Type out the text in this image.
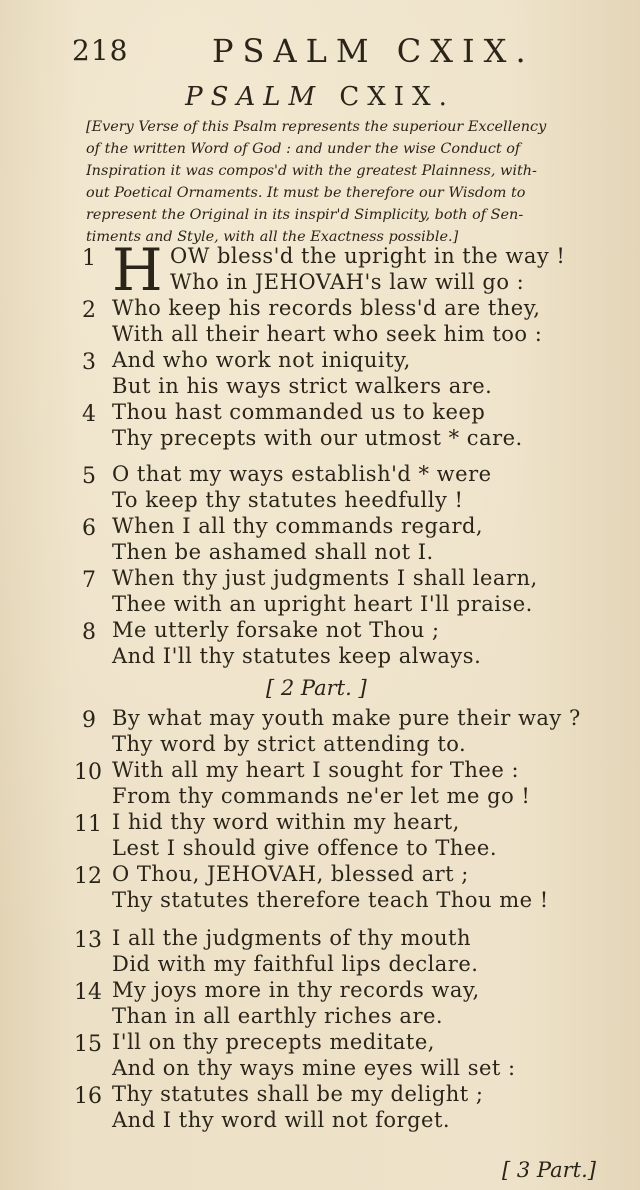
218	PSALM CXIX.
PSALM CXIX.
[Every Verse of this Psalm represents the superiour Excellency
of the written Word of God : and under the wise Conduct of
Inspiration it was compos'd with the greatest Plainness, with-
out Poetical Ornaments. It must be therefore our Wisdom to
represent the Original in its inspir'd Simplicity, both of Sen-
timents and Style, with all the Exactness possible.]
1 H OW bless'd the upright in the way !
Who in JEHOVAH's law will go :
2 Who keep his records bless'd are they,
With all their heart who seek him too :
3 And who work not iniquity,
But in his ways strict walkers are.
4 Thou hast commanded us to keep
Thy precepts with our utmost * care.
5 O that my ways establish'd * were
To keep thy statutes heedfully !
6 When I all thy commands regard,
Then be ashamed shall not I.
7 When thy just judgments I shall learn,
Thee with an upright heart I'll praise.
8 Me utterly forsake not Thou ;
And I'll thy statutes keep always.
[ 2 Part. ]
9 By what may youth make pure their way ?
Thy word by strict attending to.
10 With all my heart I sought for Thee :
From thy commands ne'er let me go !
11 I hid thy word within my heart,
Lest I should give offence to Thee.
12 O Thou, JEHOVAH, blessed art ;
Thy statutes therefore teach Thou me !
13 I all the judgments of thy mouth
Did with my faithful lips declare.
14 My joys more in thy records way,
Than in all earthly riches are.
15 I'll on thy precepts meditate,
And on thy ways mine eyes will set :
16 Thy statutes shall be my delight ;
And I thy word will not forget.
[ 3 Part.]
